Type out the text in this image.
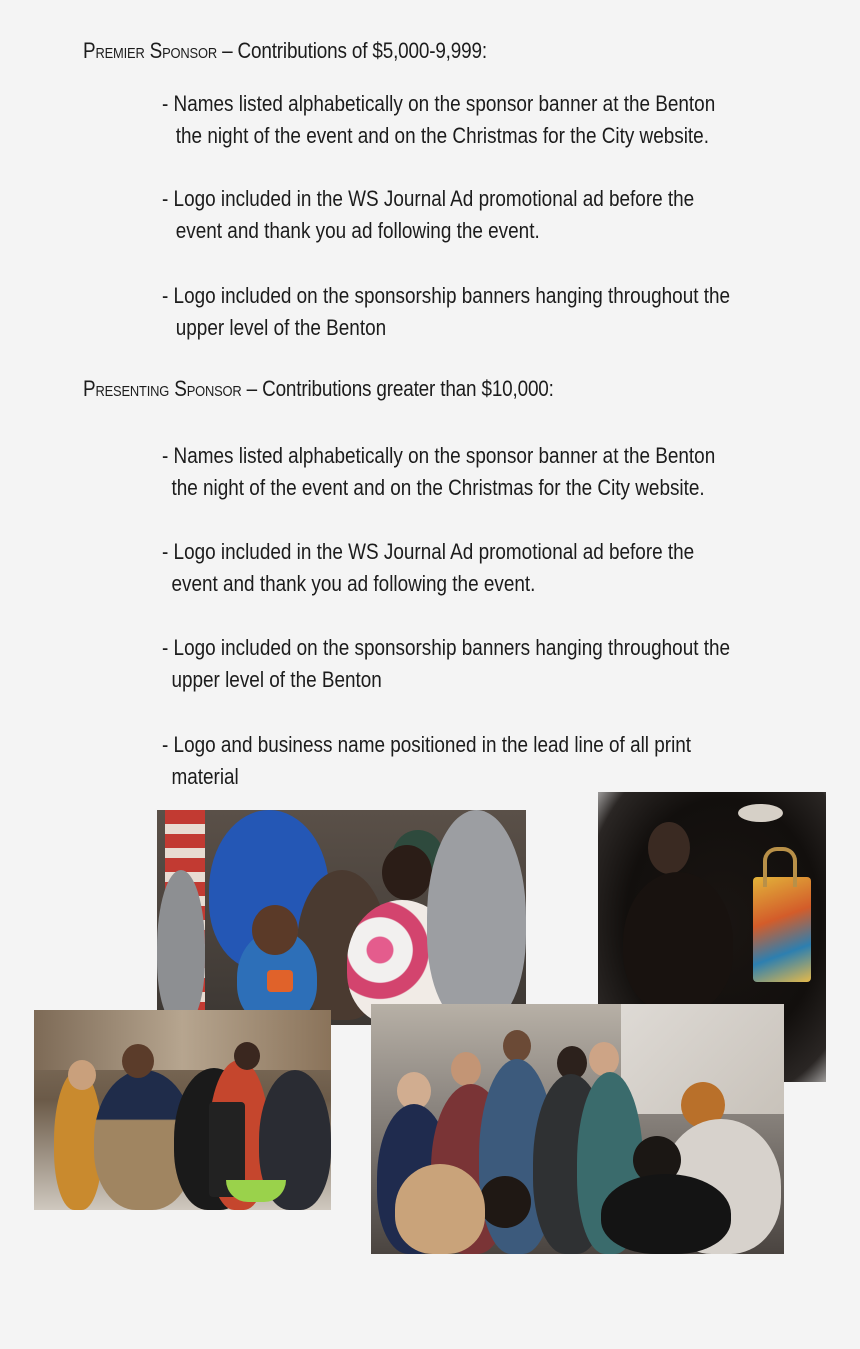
Premier Sponsor – Contributions of $5,000-9,999:
- Names listed alphabetically on the sponsor banner at the Benton
the night of the event and on the Christmas for the City website.
- Logo included in the WS Journal Ad promotional ad before the
event and thank you ad following the event.
- Logo included on the sponsorship banners hanging throughout the
upper level of the Benton
Presenting Sponsor – Contributions greater than $10,000:
- Names listed alphabetically on the sponsor banner at the Benton
the night of the event and on the Christmas for the City website.
- Logo included in the WS Journal Ad promotional ad before the
event and thank you ad following the event.
- Logo included on the sponsorship banners hanging throughout the
upper level of the Benton
- Logo and business name positioned in the lead line of all print
material
